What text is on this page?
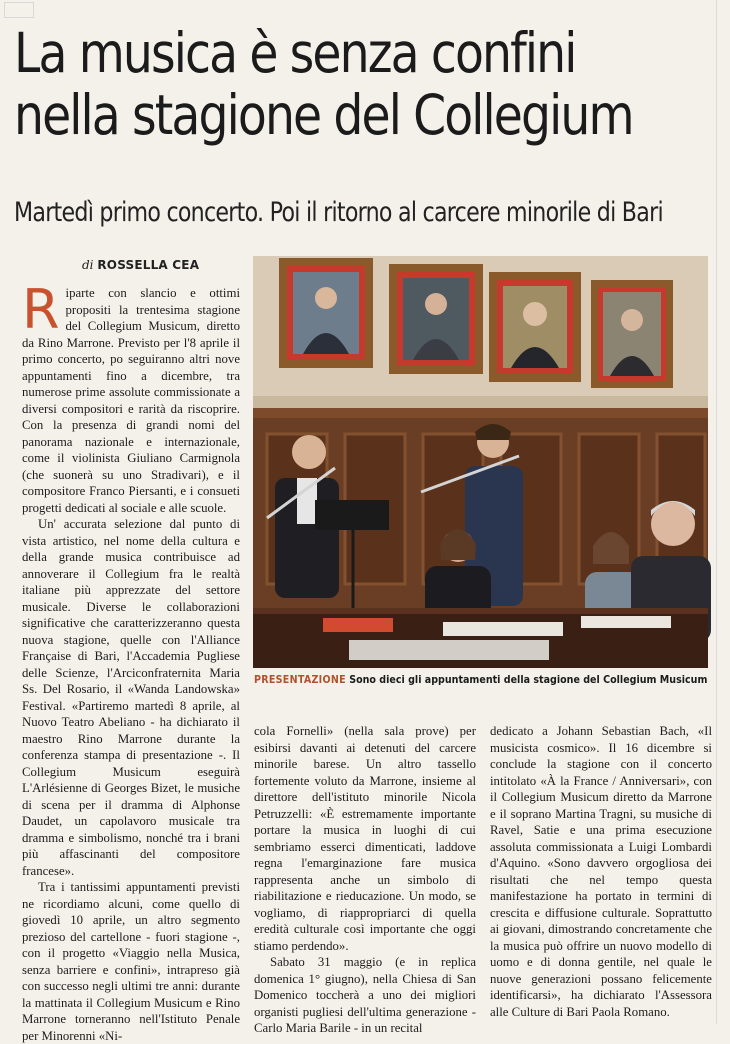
La musica è senza confini
nella stagione del Collegium
Martedì primo concerto. Poi il ritorno al carcere minorile di Bari
di ROSSELLA CEA

Riparte con slancio e ottimi propositi la trentesima stagione del Collegium Musicum, diretto da Rino Marrone. Previsto per l'8 aprile il primo concerto, po seguiranno altri nove appuntamenti fino a dicembre, tra numerose prime assolute commissionate a diversi compositori e rarità da riscoprire. Con la presenza di grandi nomi del panorama nazionale e internazionale, come il violinista Giuliano Carmignola (che suonerà su uno Stradivari), e il compositore Franco Piersanti, e i consueti progetti dedicati al sociale e alle scuole.

Un' accurata selezione dal punto di vista artistico, nel nome della cultura e della grande musica contribuisce ad annoverare il Collegium fra le realtà italiane più apprezzate del settore musicale. Diverse le collaborazioni significative che caratterizzeranno questa nuova stagione, quelle con l'Alliance Française di Bari, l'Accademia Pugliese delle Scienze, l'Arciconfraternita Maria Ss. Del Rosario, il «Wanda Landowska» Festival. «Partiremo martedì 8 aprile, al Nuovo Teatro Abeliano - ha dichiarato il maestro Rino Marrone durante la conferenza stampa di presentazione -. Il Collegium Musicum eseguirà L'Arlésienne di Georges Bizet, le musiche di scena per il dramma di Alphonse Daudet, un capolavoro musicale tra dramma e simbolismo, nonché tra i brani più affascinanti del compositore francese».

Tra i tantissimi appuntamenti previsti ne ricordiamo alcuni, come quello di giovedì 10 aprile, un altro segmento prezioso del cartellone - fuori stagione -, con il progetto «Viaggio nella Musica, senza barriere e confini», intrapreso già con successo negli ultimi tre anni: durante la mattinata il Collegium Musicum e Rino Marrone torneranno nell'Istituto Penale per Minorenni «Ni-

PRESENTAZIONE Sono dieci gli appuntamenti della stagione del Collegium Musicum

cola Fornelli» (nella sala prove) per esibirsi davanti ai detenuti del carcere minorile barese. Un altro tassello fortemente voluto da Marrone, insieme al direttore dell'istituto minorile Nicola Petruzzelli: «È estremamente importante portare la musica in luoghi di cui sembriamo esserci dimenticati, laddove regna l'emarginazione fare musica rappresenta anche un simbolo di riabilitazione e rieducazione. Un modo, se vogliamo, di riappropriarci di quella eredità culturale così importante che oggi stiamo perdendo».

Sabato 31 maggio (e in replica domenica 1° giugno), nella Chiesa di San Domenico toccherà a uno dei migliori organisti pugliesi dell'ultima generazione - Carlo Maria Barile - in un recital

dedicato a Johann Sebastian Bach, «Il musicista cosmico». Il 16 dicembre si conclude la stagione con il concerto intitolato «À la France / Anniversari», con il Collegium Musicum diretto da Marrone e il soprano Martina Tragni, su musiche di Ravel, Satie e una prima esecuzione assoluta commissionata a Luigi Lombardi d'Aquino. «Sono davvero orgogliosa dei risultati che nel tempo questa manifestazione ha portato in termini di crescita e diffusione culturale. Soprattutto ai giovani, dimostrando concretamente che la musica può offrire un nuovo modello di uomo e di donna gentile, nel quale le nuove generazioni possano felicemente identificarsi», ha dichiarato l'Assessora alle Culture di Bari Paola Romano.
